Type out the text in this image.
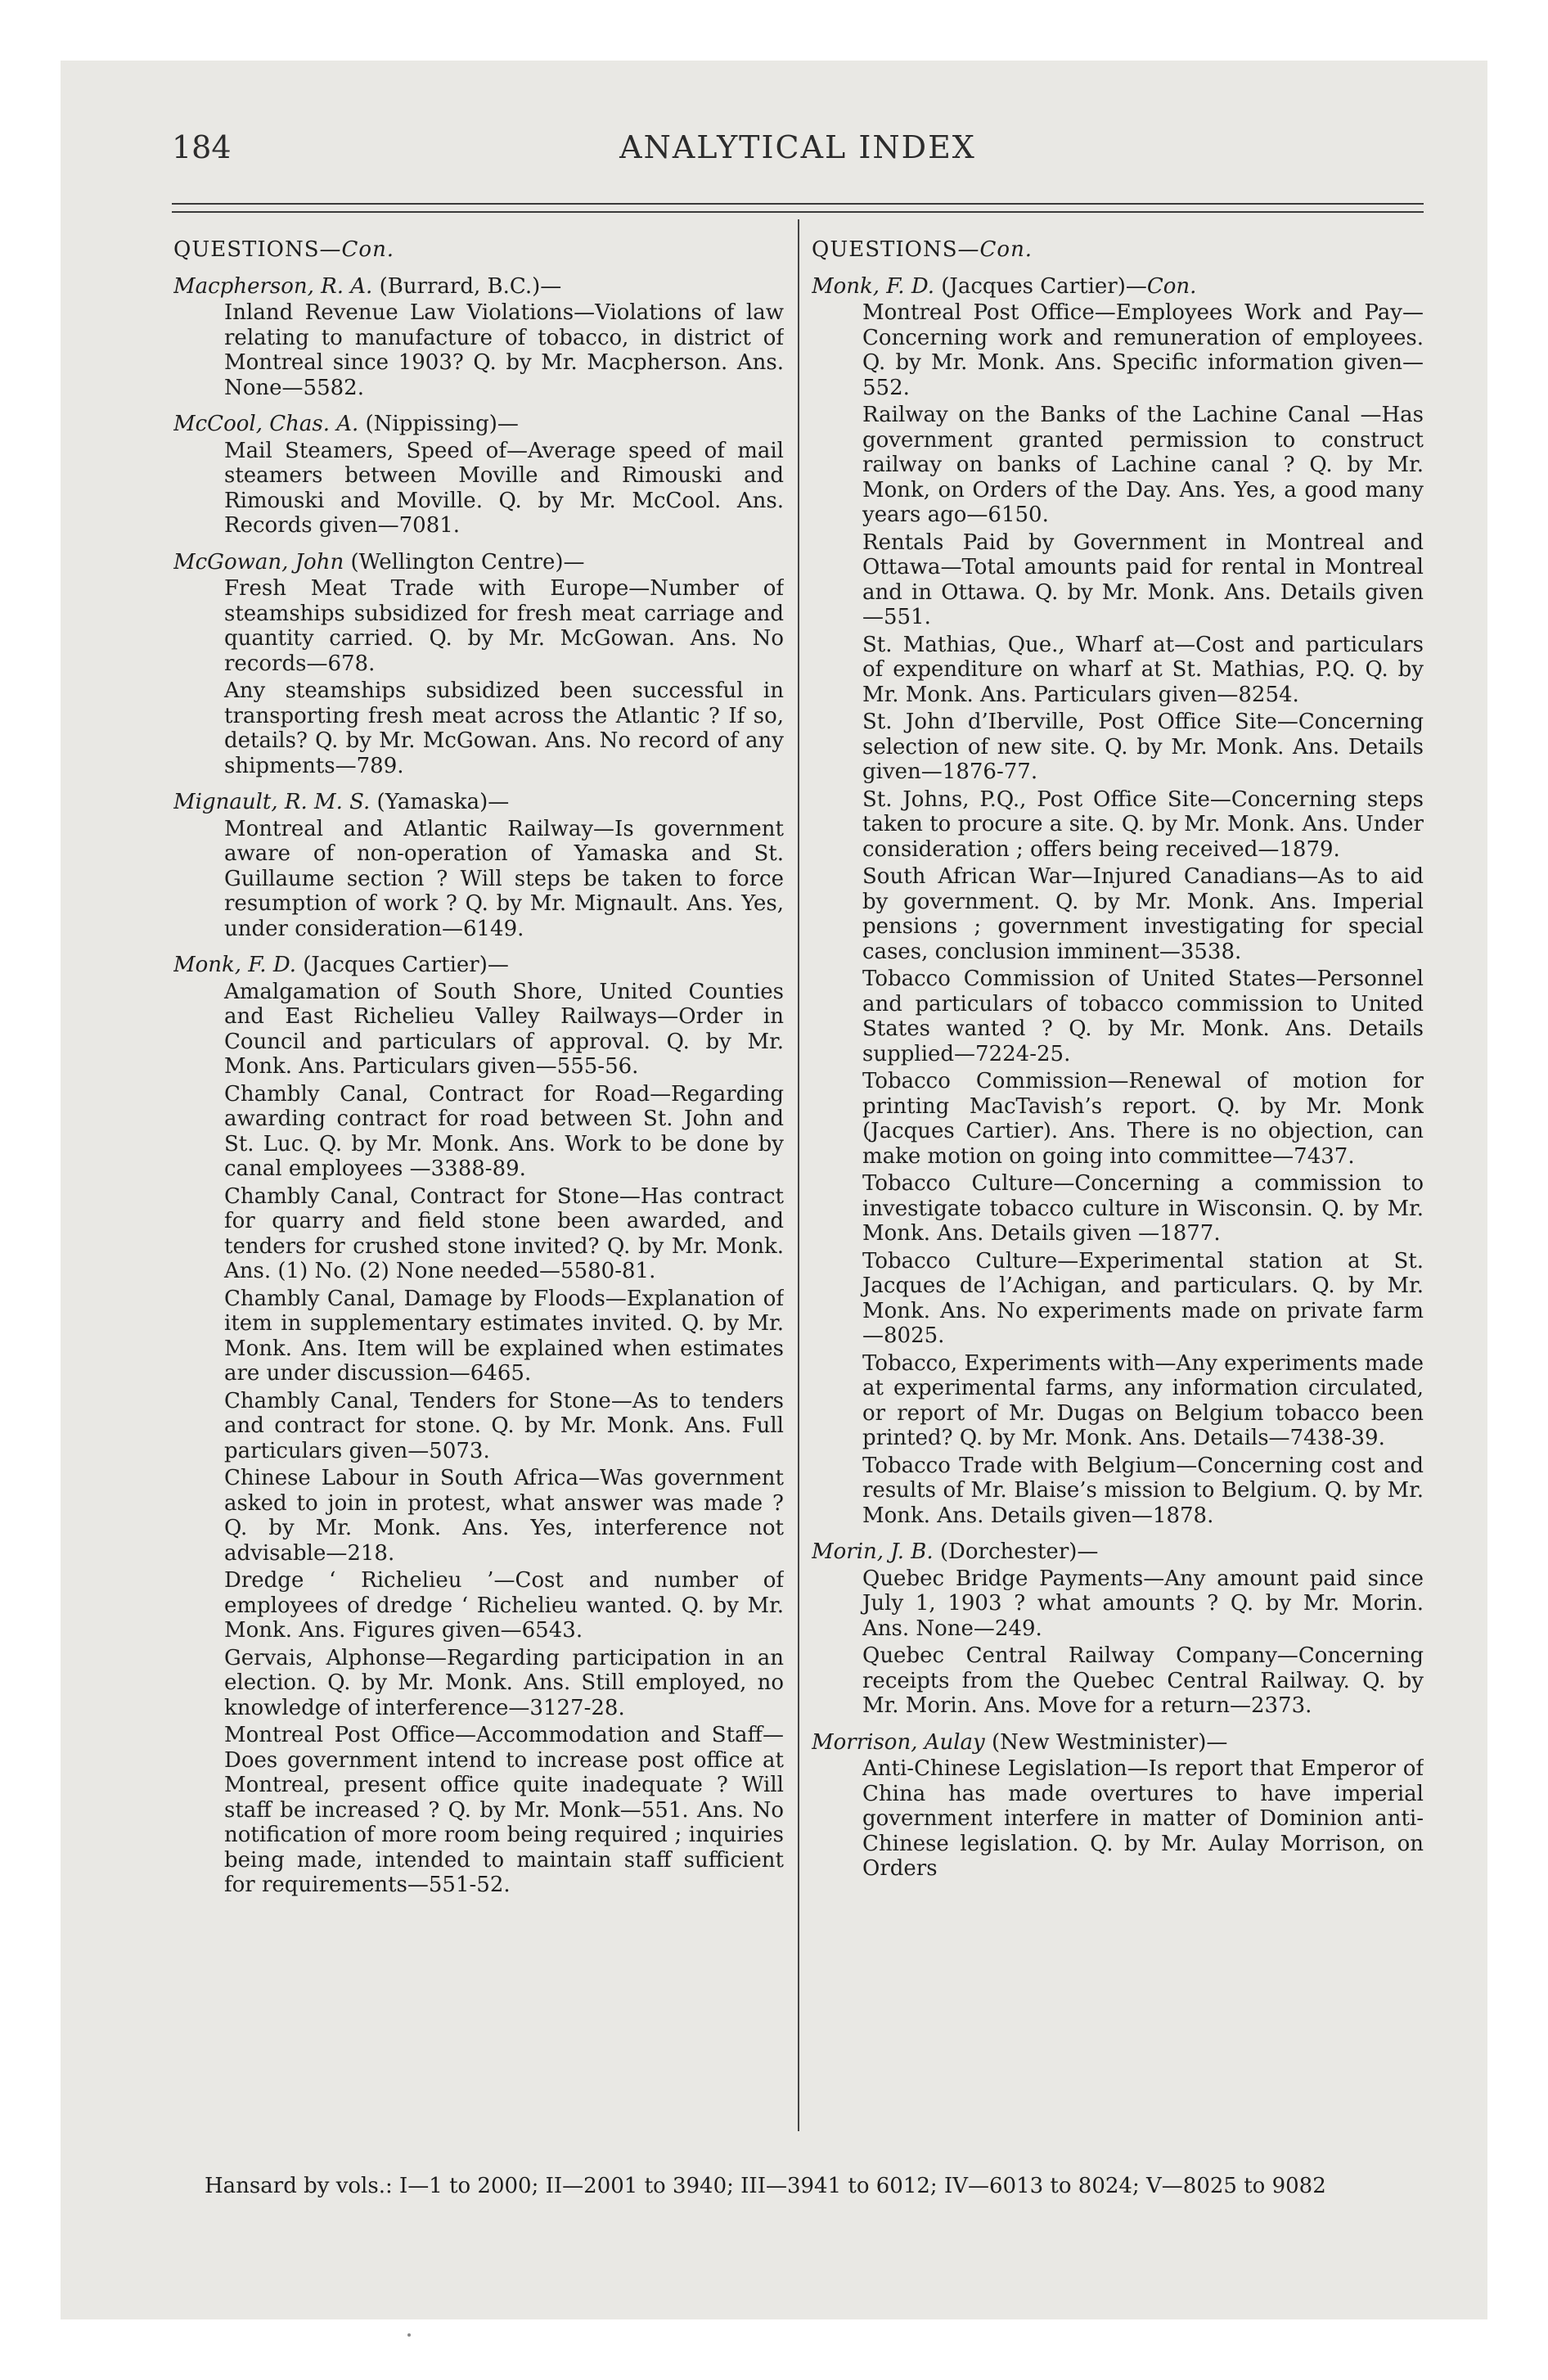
184	ANALYTICAL INDEX
QUESTIONS—Con.
Macpherson, R. A. (Burrard, B.C.)—
Inland Revenue Law Violations—Violations of law relating to manufacture of tobacco, in district of Montreal since 1903? Q. by Mr. Macpherson. Ans. None—5582.
McCool, Chas. A. (Nippissing)—
Mail Steamers, Speed of—Average speed of mail steamers between Moville and Rimouski and Rimouski and Moville. Q. by Mr. McCool. Ans. Records given—7081.
McGowan, John (Wellington Centre)—
Fresh Meat Trade with Europe—Number of steamships subsidized for fresh meat carriage and quantity carried. Q. by Mr. McGowan. Ans. No records—678.
Any steamships subsidized been successful in transporting fresh meat across the Atlantic ? If so, details? Q. by Mr. McGowan. Ans. No record of any shipments—789.
Mignault, R. M. S. (Yamaska)—
Montreal and Atlantic Railway—Is government aware of non-operation of Yamaska and St. Guillaume section ? Will steps be taken to force resumption of work ? Q. by Mr. Mignault. Ans. Yes, under consideration—6149.
Monk, F. D. (Jacques Cartier)—
Amalgamation of South Shore, United Counties and East Richelieu Valley Railways—Order in Council and particulars of approval. Q. by Mr. Monk. Ans. Particulars given—555-56.
Chambly Canal, Contract for Road—Regarding awarding contract for road between St. John and St. Luc. Q. by Mr. Monk. Ans. Work to be done by canal employees —3388-89.
Chambly Canal, Contract for Stone—Has contract for quarry and field stone been awarded, and tenders for crushed stone invited? Q. by Mr. Monk. Ans. (1) No. (2) None needed—5580-81.
Chambly Canal, Damage by Floods—Explanation of item in supplementary estimates invited. Q. by Mr. Monk. Ans. Item will be explained when estimates are under discussion—6465.
Chambly Canal, Tenders for Stone—As to tenders and contract for stone. Q. by Mr. Monk. Ans. Full particulars given—5073.
Chinese Labour in South Africa—Was government asked to join in protest, what answer was made ? Q. by Mr. Monk. Ans. Yes, interference not advisable—218.
Dredge ‘ Richelieu ’—Cost and number of employees of dredge ‘ Richelieu wanted. Q. by Mr. Monk. Ans. Figures given—6543.
Gervais, Alphonse—Regarding participation in an election. Q. by Mr. Monk. Ans. Still employed, no knowledge of interference—3127-28.
Montreal Post Office—Accommodation and Staff—Does government intend to increase post office at Montreal, present office quite inadequate ? Will staff be increased ? Q. by Mr. Monk—551. Ans. No notification of more room being required ; inquiries being made, intended to maintain staff sufficient for requirements—551-52.
QUESTIONS—Con.
Monk, F. D. (Jacques Cartier)—Con.
Montreal Post Office—Employees Work and Pay—Concerning work and remuneration of employees. Q. by Mr. Monk. Ans. Specific information given—552.
Railway on the Banks of the Lachine Canal —Has government granted permission to construct railway on banks of Lachine canal ? Q. by Mr. Monk, on Orders of the Day. Ans. Yes, a good many years ago—6150.
Rentals Paid by Government in Montreal and Ottawa—Total amounts paid for rental in Montreal and in Ottawa. Q. by Mr. Monk. Ans. Details given—551.
St. Mathias, Que., Wharf at—Cost and particulars of expenditure on wharf at St. Mathias, P.Q. Q. by Mr. Monk. Ans. Particulars given—8254.
St. John d’Iberville, Post Office Site—Concerning selection of new site. Q. by Mr. Monk. Ans. Details given—1876-77.
St. Johns, P.Q., Post Office Site—Concerning steps taken to procure a site. Q. by Mr. Monk. Ans. Under consideration ; offers being received—1879.
South African War—Injured Canadians—As to aid by government. Q. by Mr. Monk. Ans. Imperial pensions ; government investigating for special cases, conclusion imminent—3538.
Tobacco Commission of United States—Personnel and particulars of tobacco commission to United States wanted ? Q. by Mr. Monk. Ans. Details supplied—7224-25.
Tobacco Commission—Renewal of motion for printing MacTavish’s report. Q. by Mr. Monk (Jacques Cartier). Ans. There is no objection, can make motion on going into committee—7437.
Tobacco Culture—Concerning a commission to investigate tobacco culture in Wisconsin. Q. by Mr. Monk. Ans. Details given —1877.
Tobacco Culture—Experimental station at St. Jacques de l’Achigan, and particulars. Q. by Mr. Monk. Ans. No experiments made on private farm—8025.
Tobacco, Experiments with—Any experiments made at experimental farms, any information circulated, or report of Mr. Dugas on Belgium tobacco been printed? Q. by Mr. Monk. Ans. Details—7438-39.
Tobacco Trade with Belgium—Concerning cost and results of Mr. Blaise’s mission to Belgium. Q. by Mr. Monk. Ans. Details given—1878.
Morin, J. B. (Dorchester)—
Quebec Bridge Payments—Any amount paid since July 1, 1903 ? what amounts ? Q. by Mr. Morin. Ans. None—249.
Quebec Central Railway Company—Concerning receipts from the Quebec Central Railway. Q. by Mr. Morin. Ans. Move for a return—2373.
Morrison, Aulay (New Westminister)—
Anti-Chinese Legislation—Is report that Emperor of China has made overtures to have imperial government interfere in matter of Dominion anti-Chinese legislation. Q. by Mr. Aulay Morrison, on Orders
Hansard by vols.: I—1 to 2000; II—2001 to 3940; III—3941 to 6012; IV—6013 to 8024; V—8025 to 9082
